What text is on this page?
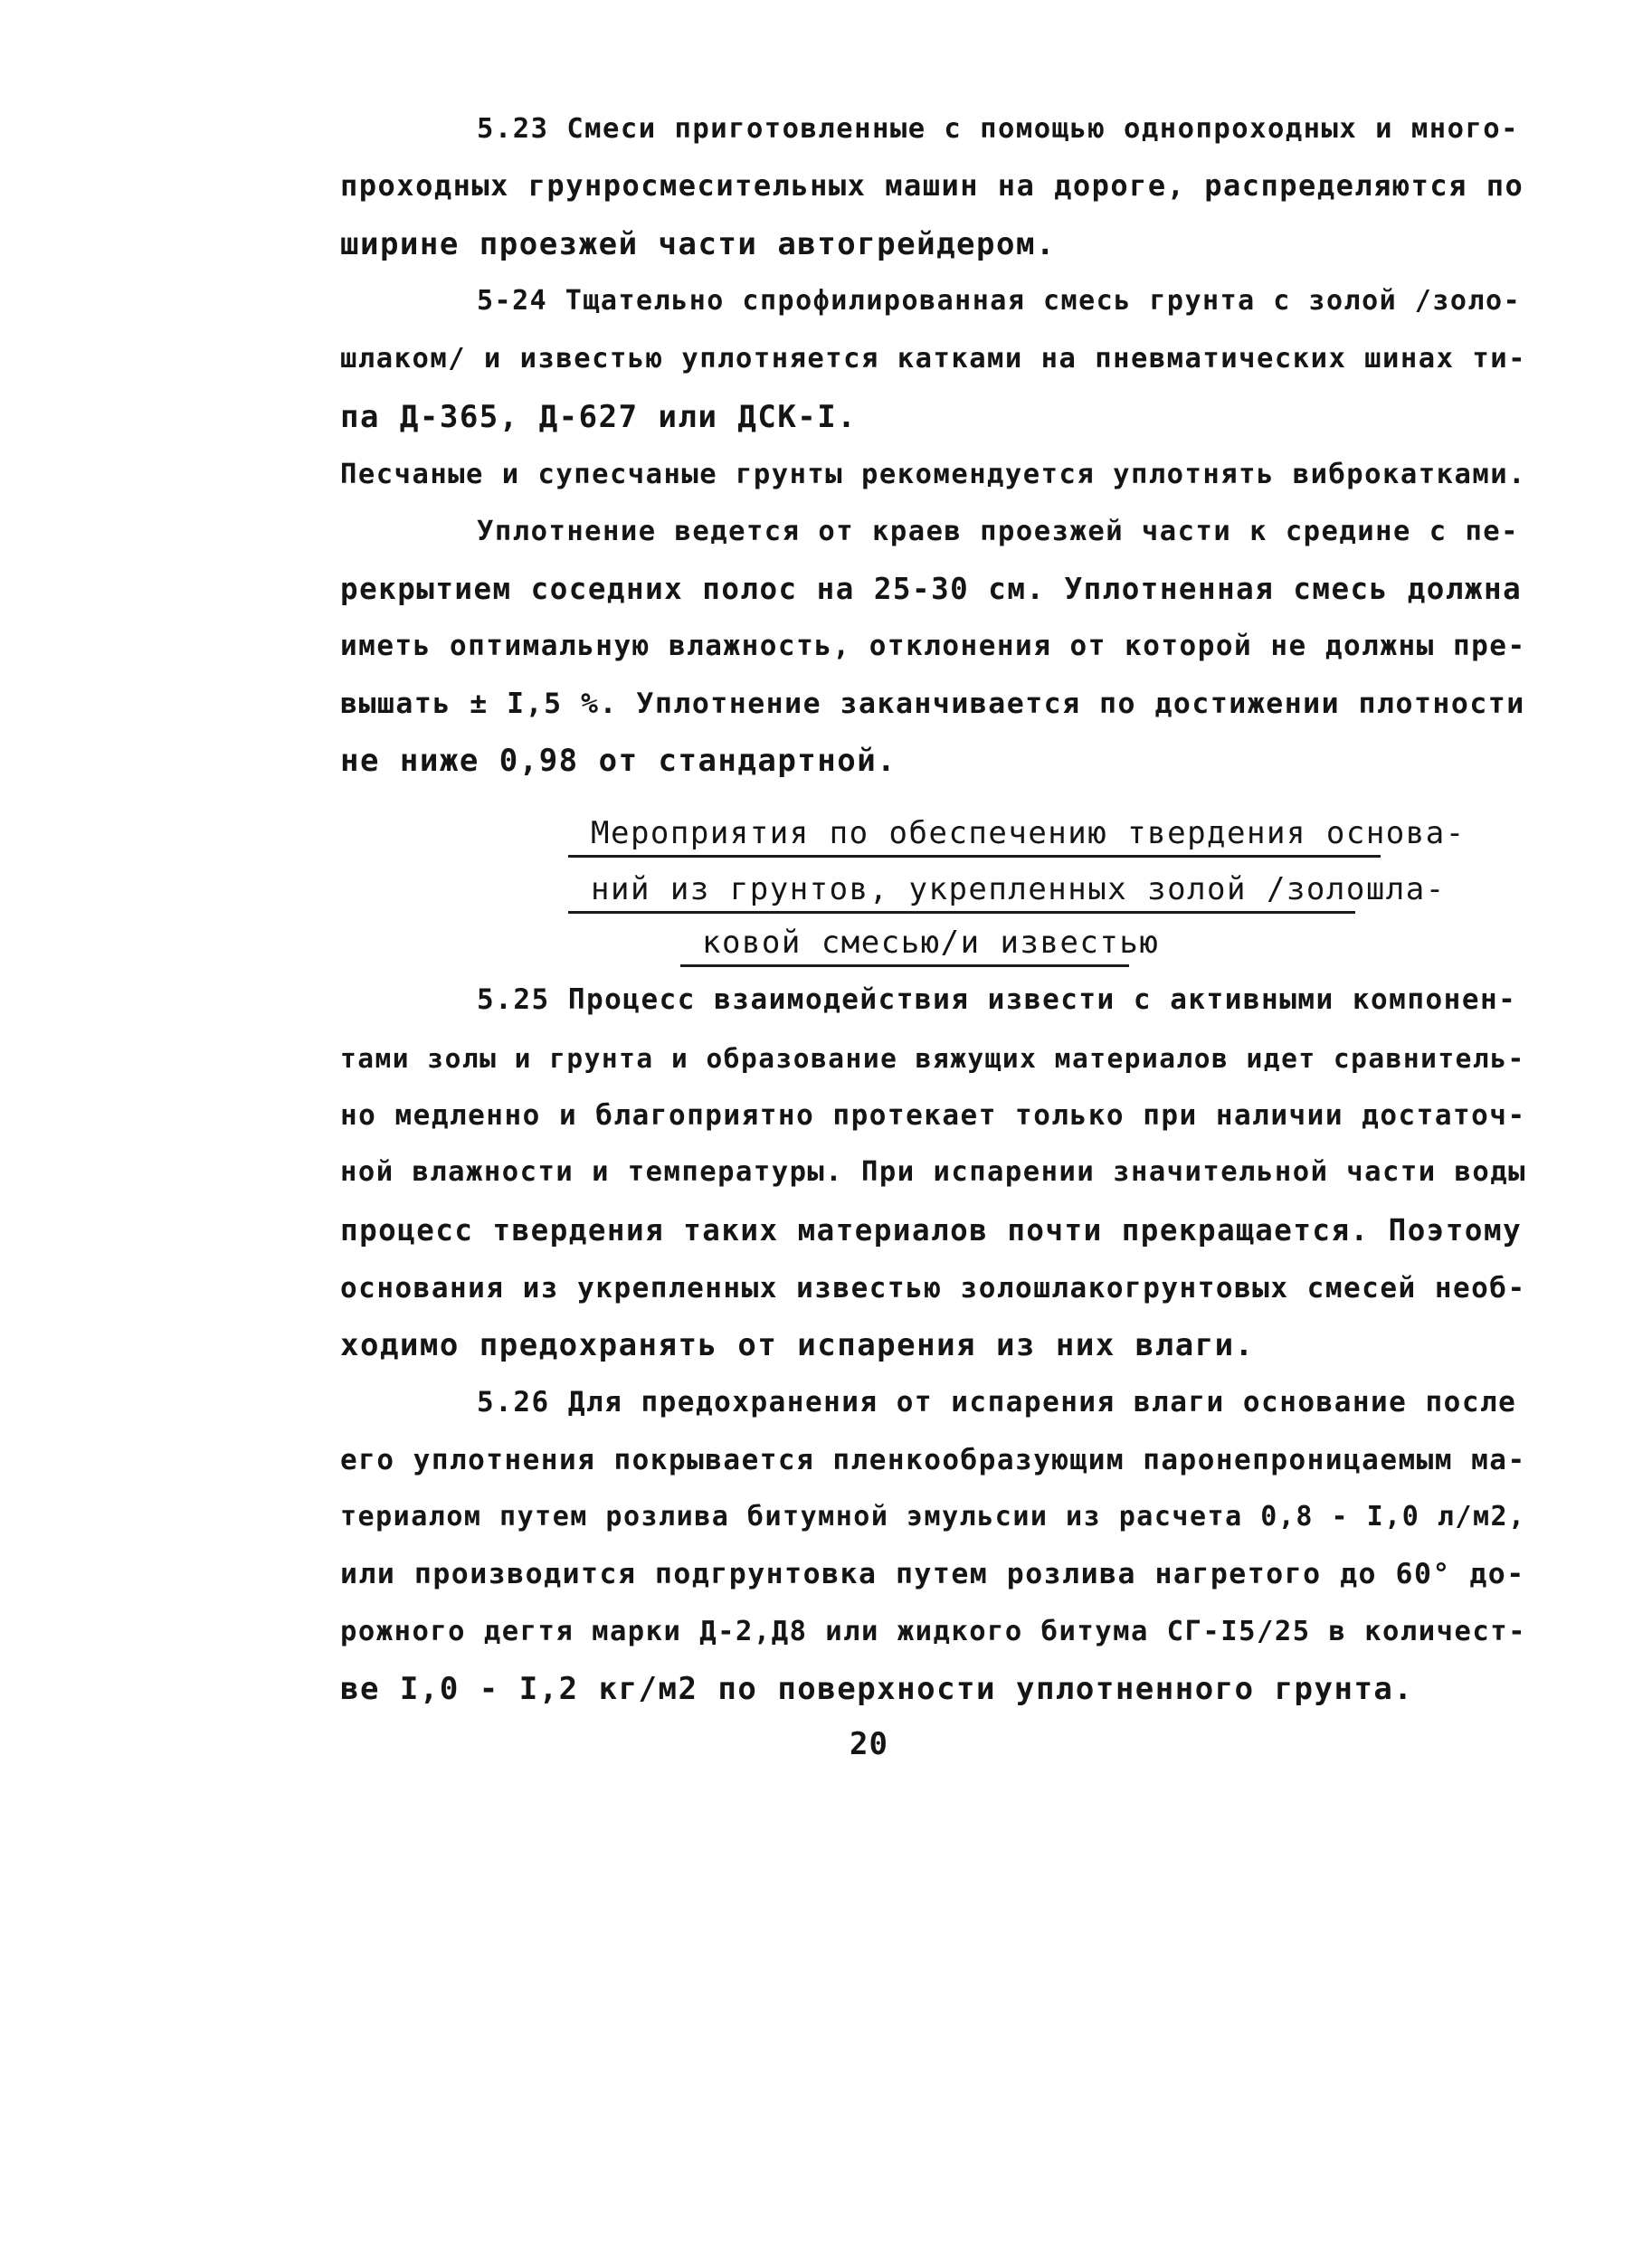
5.23 Смеси приготовленные с помощью однопроходных и много-
проходных грунросмесительных машин на дороге, распределяются по
ширине проезжей части автогрейдером.
5-24 Тщательно спрофилированная смесь грунта с золой /золо-
шлаком/ и известью уплотняется катками на пневматических шинах ти-
па Д-365, Д-627 или ДСК-I.
Песчаные и супесчаные грунты рекомендуется уплотнять виброкатками.
Уплотнение ведется от краев проезжей части к средине с пе-
рекрытием соседних полос на 25-30 см. Уплотненная смесь должна
иметь оптимальную влажность, отклонения от которой не должны пре-
вышать ± I,5 %. Уплотнение заканчивается по достижении плотности
не ниже 0,98 от стандартной.
Мероприятия по обеспечению твердения основа-
ний из грунтов, укрепленных золой /золошла-
ковой смесью/и известью
5.25 Процесс взаимодействия извести с активными компонен-
тами золы и грунта и образование вяжущих материалов идет сравнитель-
но медленно и благоприятно протекает только при наличии достаточ-
ной влажности и температуры. При испарении значительной части воды
процесс твердения таких материалов почти прекращается. Поэтому
основания из укрепленных известью золошлакогрунтовых смесей необ-
ходимо предохранять от испарения из них влаги.
5.26 Для предохранения от испарения влаги основание после
его уплотнения покрывается пленкообразующим паронепроницаемым ма-
териалом путем розлива битумной эмульсии из расчета 0,8 - I,0 л/м2,
или производится подгрунтовка путем розлива нагретого до 60° до-
рожного дегтя марки Д-2,Д8 или жидкого битума СГ-I5/25 в количест-
ве I,0 - I,2 кг/м2 по поверхности уплотненного грунта.
20
